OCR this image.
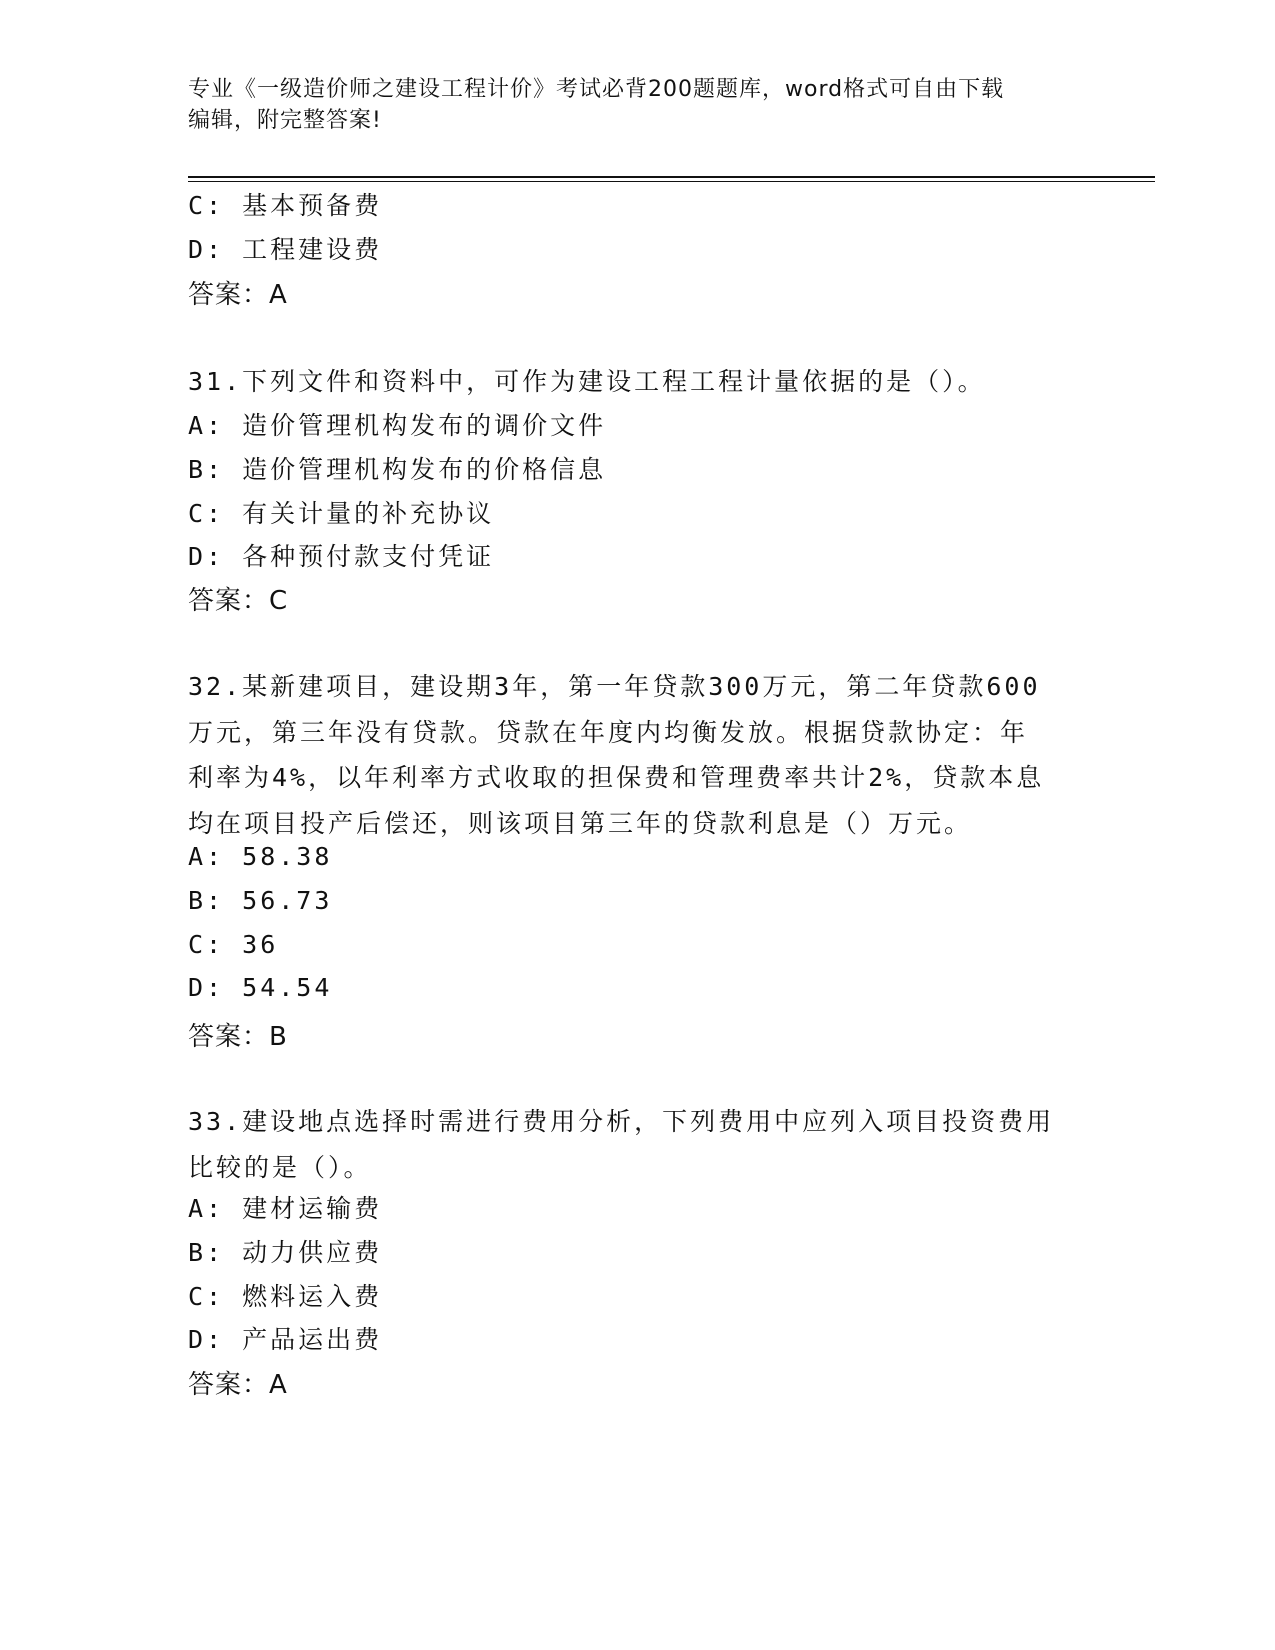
专业《一级造价师之建设工程计价》考试必背200题题库，word格式可自由下载
编辑，附完整答案!
C: 基本预备费
D: 工程建设费
答案：A
31.下列文件和资料中，可作为建设工程工程计量依据的是（）。
A: 造价管理机构发布的调价文件
B: 造价管理机构发布的价格信息
C: 有关计量的补充协议
D: 各种预付款支付凭证
答案：C
32.某新建项目，建设期3年，第一年贷款300万元，第二年贷款600
万元，第三年没有贷款。贷款在年度内均衡发放。根据贷款协定：年
利率为4%，以年利率方式收取的担保费和管理费率共计2%，贷款本息
均在项目投产后偿还，则该项目第三年的贷款利息是（）万元。
A: 58.38
B: 56.73
C: 36
D: 54.54
答案：B
33.建设地点选择时需进行费用分析，下列费用中应列入项目投资费用
比较的是（）。
A: 建材运输费
B: 动力供应费
C: 燃料运入费
D: 产品运出费
答案：A
